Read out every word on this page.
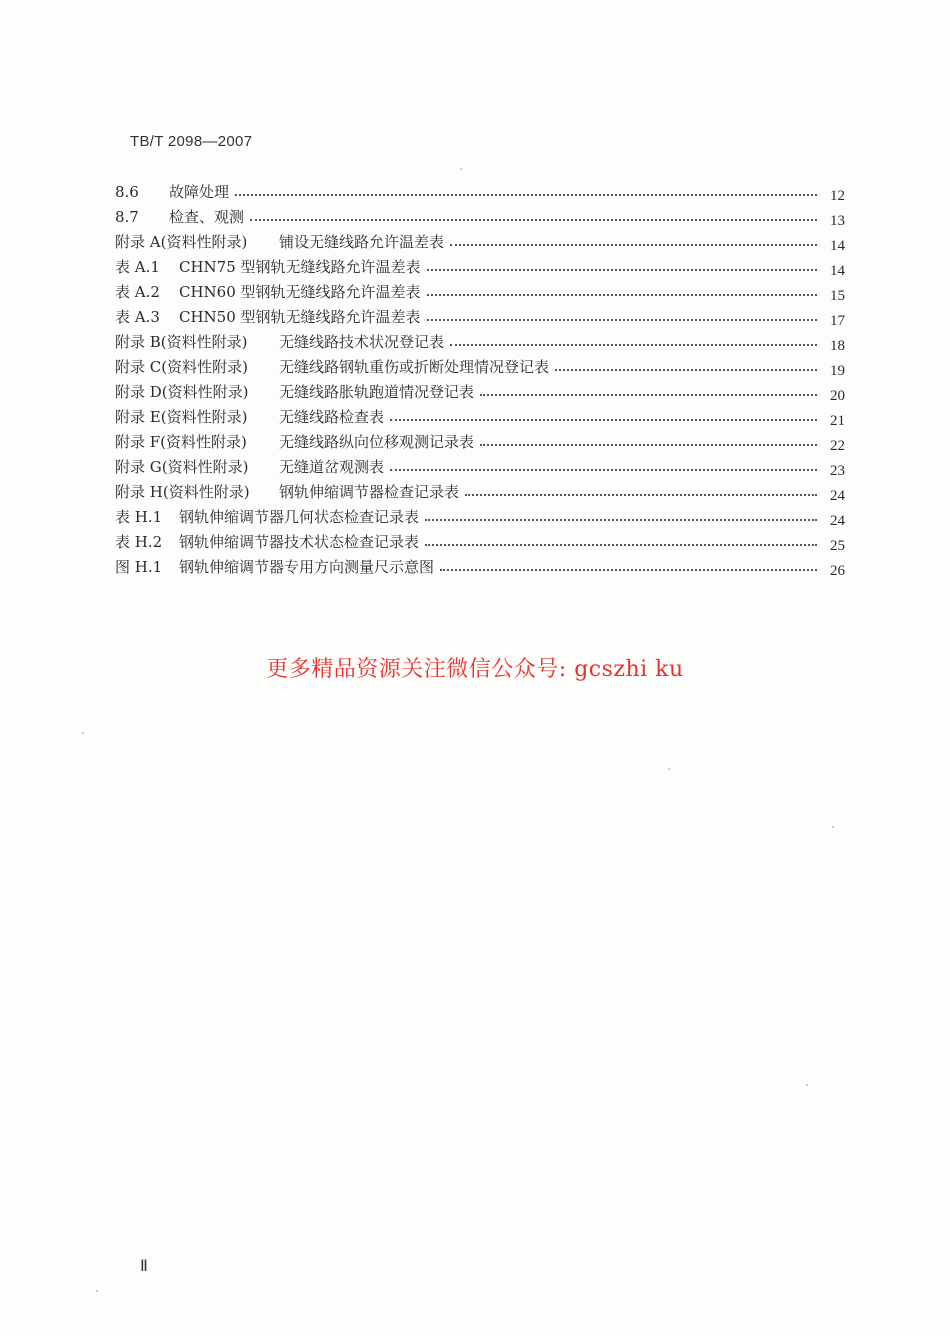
TB/T 2098—2007
8.6 故障处理	12
8.7 检查、观测	13
附录 A(资料性附录) 铺设无缝线路允许温差表	14
表 A.1 CHN75 型钢轨无缝线路允许温差表	14
表 A.2 CHN60 型钢轨无缝线路允许温差表	15
表 A.3 CHN50 型钢轨无缝线路允许温差表	17
附录 B(资料性附录) 无缝线路技术状况登记表	18
附录 C(资料性附录) 无缝线路钢轨重伤或折断处理情况登记表	19
附录 D(资料性附录) 无缝线路胀轨跑道情况登记表	20
附录 E(资料性附录) 无缝线路检查表	21
附录 F(资料性附录) 无缝线路纵向位移观测记录表	22
附录 G(资料性附录) 无缝道岔观测表	23
附录 H(资料性附录) 钢轨伸缩调节器检查记录表	24
表 H.1 钢轨伸缩调节器几何状态检查记录表	24
表 H.2 钢轨伸缩调节器技术状态检查记录表	25
图 H.1 钢轨伸缩调节器专用方向测量尺示意图	26
更多精品资源关注微信公众号: gcszhi ku
Ⅱ
